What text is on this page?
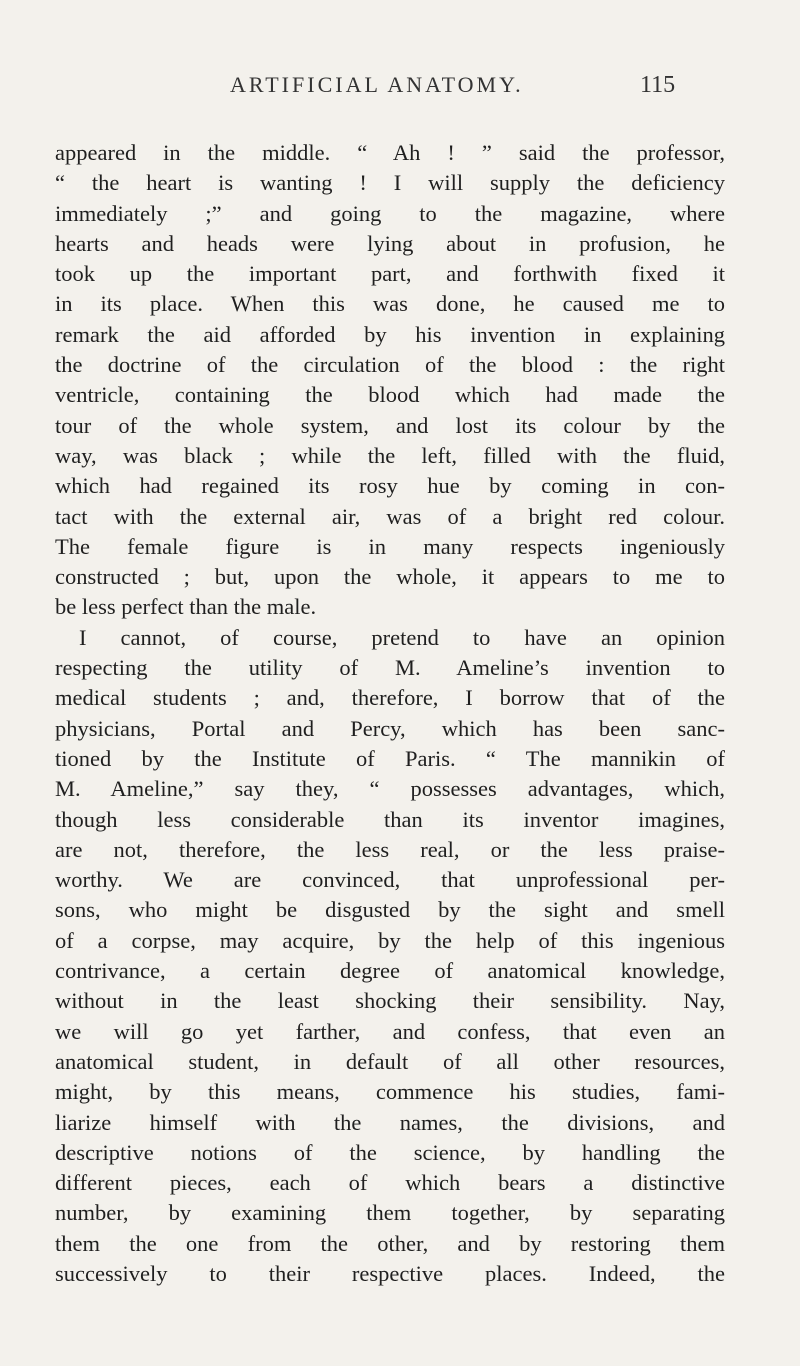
ARTIFICIAL ANATOMY.	115
appeared in the middle. “ Ah ! ” said the professor,
“ the heart is wanting ! I will supply the deficiency
immediately ;” and going to the magazine, where
hearts and heads were lying about in profusion, he
took up the important part, and forthwith fixed it
in its place. When this was done, he caused me to
remark the aid afforded by his invention in explaining
the doctrine of the circulation of the blood : the right
ventricle, containing the blood which had made the
tour of the whole system, and lost its colour by the
way, was black ; while the left, filled with the fluid,
which had regained its rosy hue by coming in con-
tact with the external air, was of a bright red colour.
The female figure is in many respects ingeniously
constructed ; but, upon the whole, it appears to me to
be less perfect than the male.
I cannot, of course, pretend to have an opinion
respecting the utility of M. Ameline’s invention to
medical students ; and, therefore, I borrow that of the
physicians, Portal and Percy, which has been sanc-
tioned by the Institute of Paris. “ The mannikin of
M. Ameline,” say they, “ possesses advantages, which,
though less considerable than its inventor imagines,
are not, therefore, the less real, or the less praise-
worthy. We are convinced, that unprofessional per-
sons, who might be disgusted by the sight and smell
of a corpse, may acquire, by the help of this ingenious
contrivance, a certain degree of anatomical knowledge,
without in the least shocking their sensibility. Nay,
we will go yet farther, and confess, that even an
anatomical student, in default of all other resources,
might, by this means, commence his studies, fami-
liarize himself with the names, the divisions, and
descriptive notions of the science, by handling the
different pieces, each of which bears a distinctive
number, by examining them together, by separating
them the one from the other, and by restoring them
successively to their respective places. Indeed, the
